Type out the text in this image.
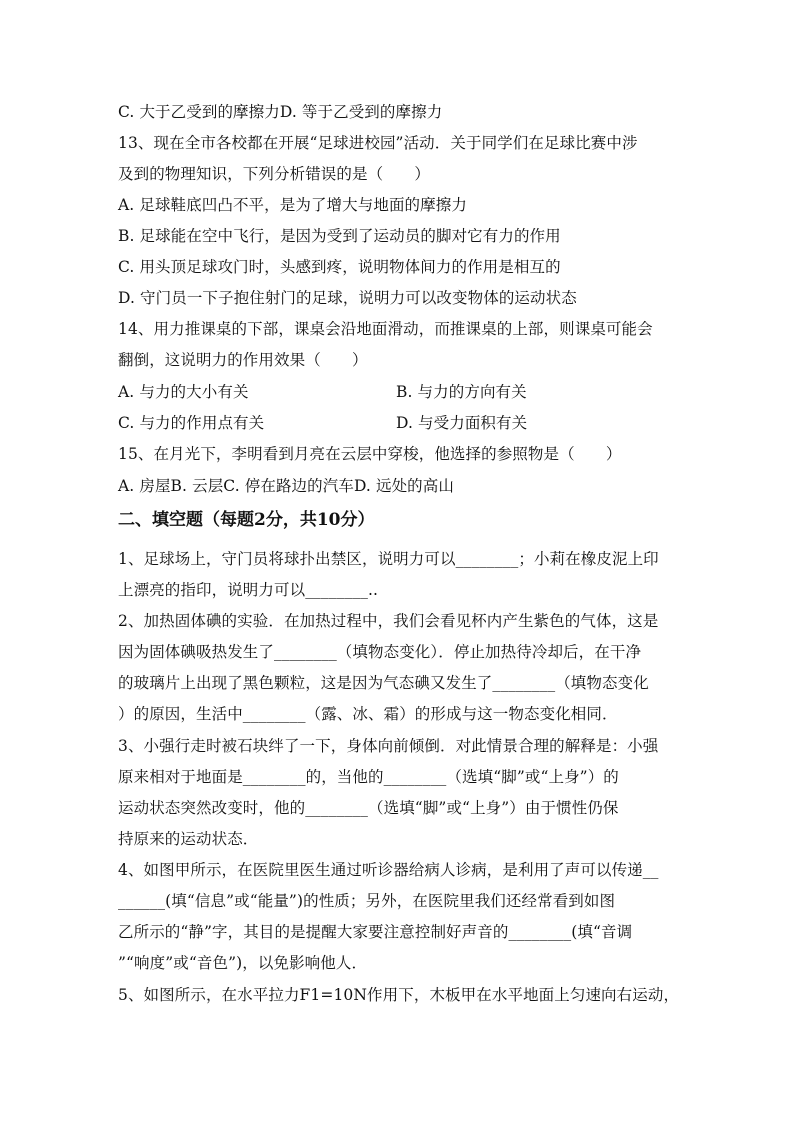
C. 大于乙受到的摩擦力D. 等于乙受到的摩擦力
13、现在全市各校都在开展“足球进校园”活动．关于同学们在足球比赛中涉
及到的物理知识，下列分析错误的是（　　）
A. 足球鞋底凹凸不平，是为了增大与地面的摩擦力
B. 足球能在空中飞行，是因为受到了运动员的脚对它有力的作用
C. 用头顶足球攻门时，头感到疼，说明物体间力的作用是相互的
D. 守门员一下子抱住射门的足球，说明力可以改变物体的运动状态
14、用力推课桌的下部，课桌会沿地面滑动，而推课桌的上部，则课桌可能会
翻倒，这说明力的作用效果（　　）
A. 与力的大小有关	B. 与力的方向有关
C. 与力的作用点有关	D. 与受力面积有关
15、在月光下，李明看到月亮在云层中穿梭，他选择的参照物是（　　）
A. 房屋B. 云层C. 停在路边的汽车D. 远处的高山
二、填空题（每题2分，共10分）
1、足球场上，守门员将球扑出禁区，说明力可以________；小莉在橡皮泥上印
上漂亮的指印，说明力可以________..
2、加热固体碘的实验．在加热过程中，我们会看见杯内产生紫色的气体，这是
因为固体碘吸热发生了________（填物态变化）．停止加热待冷却后，在干净
的玻璃片上出现了黑色颗粒，这是因为气态碘又发生了________（填物态变化
）的原因，生活中________（露、冰、霜）的形成与这一物态变化相同．
3、小强行走时被石块绊了一下，身体向前倾倒．对此情景合理的解释是：小强
原来相对于地面是________的，当他的________（选填“脚”或“上身”）的
运动状态突然改变时，他的________（选填“脚”或“上身”）由于惯性仍保
持原来的运动状态．
4、如图甲所示，在医院里医生通过听诊器给病人诊病，是利用了声可以传递__
______(填“信息”或“能量”)的性质；另外，在医院里我们还经常看到如图
乙所示的“静”字，其目的是提醒大家要注意控制好声音的________(填“音调
”“响度”或“音色”)，以免影响他人．
5、如图所示，在水平拉力F1=10N作用下，木板甲在水平地面上匀速向右运动，
